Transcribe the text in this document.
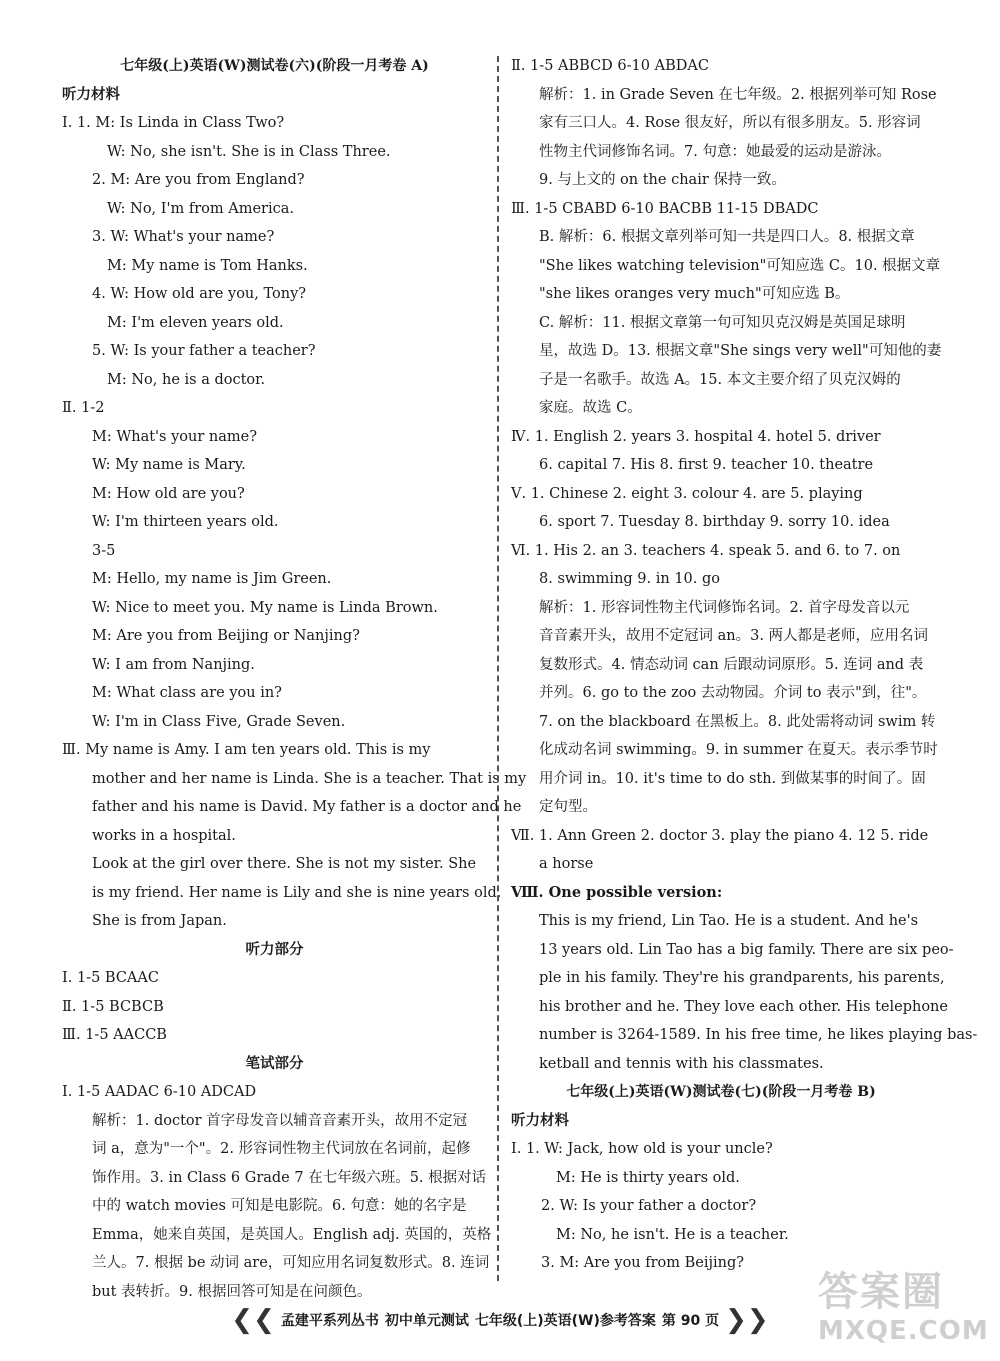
七年级(上)英语(W)测试卷(六)(阶段一月考卷 A)
听力材料
Ⅰ. 1. M: Is Linda in Class Two?
W: No, she isn't. She is in Class Three.
2. M: Are you from England?
W: No, I'm from America.
3. W: What's your name?
M: My name is Tom Hanks.
4. W: How old are you, Tony?
M: I'm eleven years old.
5. W: Is your father a teacher?
M: No, he is a doctor.
Ⅱ. 1-2
M: What's your name?
W: My name is Mary.
M: How old are you?
W: I'm thirteen years old.
3-5
M: Hello, my name is Jim Green.
W: Nice to meet you. My name is Linda Brown.
M: Are you from Beijing or Nanjing?
W: I am from Nanjing.
M: What class are you in?
W: I'm in Class Five, Grade Seven.
Ⅲ. My name is Amy. I am ten years old. This is my
mother and her name is Linda. She is a teacher. That is my
father and his name is David. My father is a doctor and he
works in a hospital.
Look at the girl over there. She is not my sister. She
is my friend. Her name is Lily and she is nine years old.
She is from Japan.
听力部分
Ⅰ. 1-5 BCAAC
Ⅱ. 1-5 BCBCB
Ⅲ. 1-5 AACCB
笔试部分
Ⅰ. 1-5 AADAC 6-10 ADCAD
解析：1. doctor 首字母发音以辅音音素开头，故用不定冠
词 a，意为"一个"。2. 形容词性物主代词放在名词前，起修
饰作用。3. in Class 6 Grade 7 在七年级六班。5. 根据对话
中的 watch movies 可知是电影院。6. 句意：她的名字是
Emma，她来自英国，是英国人。English adj. 英国的，英格
兰人。7. 根据 be 动词 are，可知应用名词复数形式。8. 连词
but 表转折。9. 根据回答可知是在问颜色。
Ⅱ. 1-5 ABBCD 6-10 ABDAC
解析：1. in Grade Seven 在七年级。2. 根据列举可知 Rose
家有三口人。4. Rose 很友好，所以有很多朋友。5. 形容词
性物主代词修饰名词。7. 句意：她最爱的运动是游泳。
9. 与上文的 on the chair 保持一致。
Ⅲ. 1-5 CBABD 6-10 BACBB 11-15 DBADC
B. 解析：6. 根据文章列举可知一共是四口人。8. 根据文章
"She likes watching television"可知应选 C。10. 根据文章
"she likes oranges very much"可知应选 B。
C. 解析：11. 根据文章第一句可知贝克汉姆是英国足球明
星，故选 D。13. 根据文章"She sings very well"可知他的妻
子是一名歌手。故选 A。15. 本文主要介绍了贝克汉姆的
家庭。故选 C。
Ⅳ. 1. English 2. years 3. hospital 4. hotel 5. driver
6. capital 7. His 8. first 9. teacher 10. theatre
Ⅴ. 1. Chinese 2. eight 3. colour 4. are 5. playing
6. sport 7. Tuesday 8. birthday 9. sorry 10. idea
Ⅵ. 1. His 2. an 3. teachers 4. speak 5. and 6. to 7. on
8. swimming 9. in 10. go
解析：1. 形容词性物主代词修饰名词。2. 首字母发音以元
音音素开头，故用不定冠词 an。3. 两人都是老师，应用名词
复数形式。4. 情态动词 can 后跟动词原形。5. 连词 and 表
并列。6. go to the zoo 去动物园。介词 to 表示"到，往"。
7. on the blackboard 在黑板上。8. 此处需将动词 swim 转
化成动名词 swimming。9. in summer 在夏天。表示季节时
用介词 in。10. it's time to do sth. 到做某事的时间了。固
定句型。
Ⅶ. 1. Ann Green 2. doctor 3. play the piano 4. 12 5. ride
a horse
Ⅷ. One possible version:
This is my friend, Lin Tao. He is a student. And he's
13 years old. Lin Tao has a big family. There are six peo-
ple in his family. They're his grandparents, his parents,
his brother and he. They love each other. His telephone
number is 3264-1589. In his free time, he likes playing bas-
ketball and tennis with his classmates.
七年级(上)英语(W)测试卷(七)(阶段一月考卷 B)
听力材料
Ⅰ. 1. W: Jack, how old is your uncle?
M: He is thirty years old.
2. W: Is your father a doctor?
M: No, he isn't. He is a teacher.
3. M: Are you from Beijing?
❮❮ 孟建平系列丛书 初中单元测试 七年级(上)英语(W)参考答案 第 90 页 ❯❯
答案圈
MXQE.COM
